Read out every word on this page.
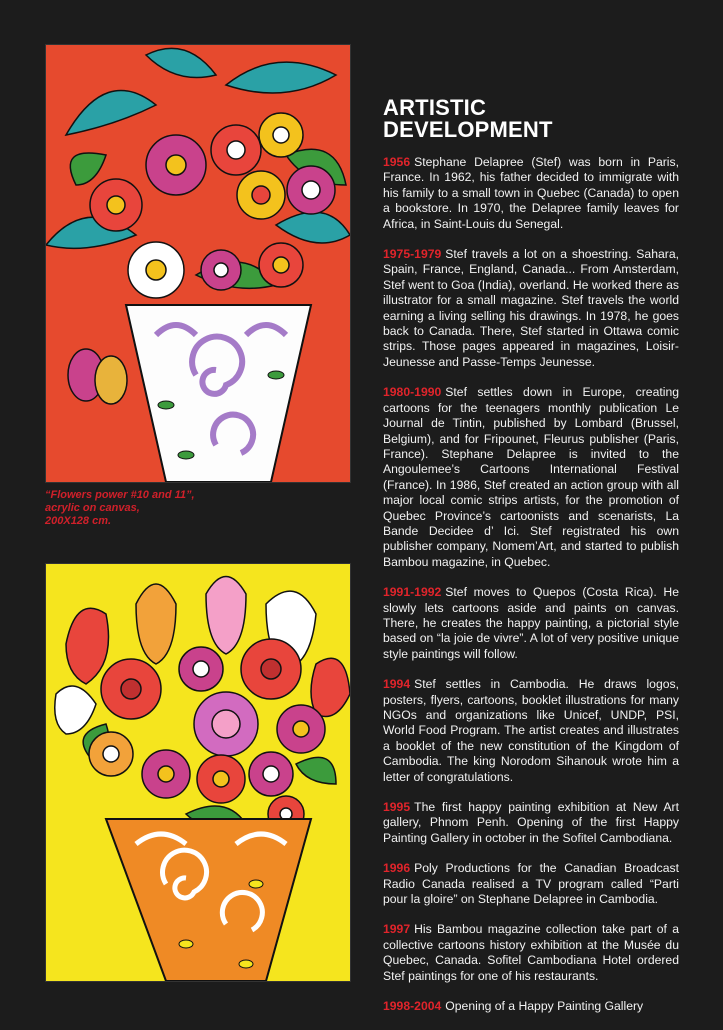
“Flowers power #10 and 11”,
acrylic on canvas,
200X128 cm.
ARTISTIC
DEVELOPMENT

1956 Stephane Delapree (Stef) was born in Paris, France. In 1962, his father decided to immigrate with his family to a small town in Quebec (Canada) to open a bookstore. In 1970, the Delapree family leaves for Africa, in Saint-Louis du Senegal.

1975-1979 Stef travels a lot on a shoestring. Sahara, Spain, France, England, Canada... From Amsterdam, Stef went to Goa (India), overland. He worked there as illustrator for a small magazine. Stef travels the world earning a living selling his drawings. In 1978, he goes back to Canada. There, Stef started in Ottawa comic strips. Those pages appeared in magazines, Loisir-Jeunesse and Passe-Temps Jeunesse.

1980-1990 Stef settles down in Europe, creating cartoons for the teenagers monthly publication Le Journal de Tintin, published by Lombard (Brussel, Belgium), and for Fripounet, Fleurus publisher (Paris, France). Stephane Delapree is invited to the Angoulemee’s Cartoons International Festival (France). In 1986, Stef created an action group with all major local comic strips artists, for the promotion of Quebec Province’s cartoonists and scenarists, La Bande Decidee d’ Ici. Stef registrated his own publisher company, Nomem’Art, and started to publish Bambou magazine, in Quebec.

1991-1992 Stef moves to Quepos (Costa Rica). He slowly lets cartoons aside and paints on canvas. There, he creates the happy painting, a pictorial style based on “la joie de vivre”. A lot of very positive unique style paintings will follow.

1994 Stef settles in Cambodia. He draws logos, posters, flyers, cartoons, booklet illustrations for many NGOs and organizations like Unicef, UNDP, PSI, World Food Program. The artist creates and illustrates a booklet of the new constitution of the Kingdom of Cambodia. The king Norodom Sihanouk wrote him a letter of congratulations.

1995 The first happy painting exhibition at New Art gallery, Phnom Penh. Opening of the first Happy Painting Gallery in october in the Sofitel Cambodiana.

1996 Poly Productions for the Canadian Broadcast Radio Canada realised a TV program called “Parti pour la gloire” on Stephane Delapree in Cambodia.

1997 His Bambou magazine collection take part of a collective cartoons history exhibition at the Musée du Quebec, Canada. Sofitel Cambodiana Hotel ordered Stef paintings for one of his restaurants.

1998-2004 Opening of a Happy Painting Gallery
